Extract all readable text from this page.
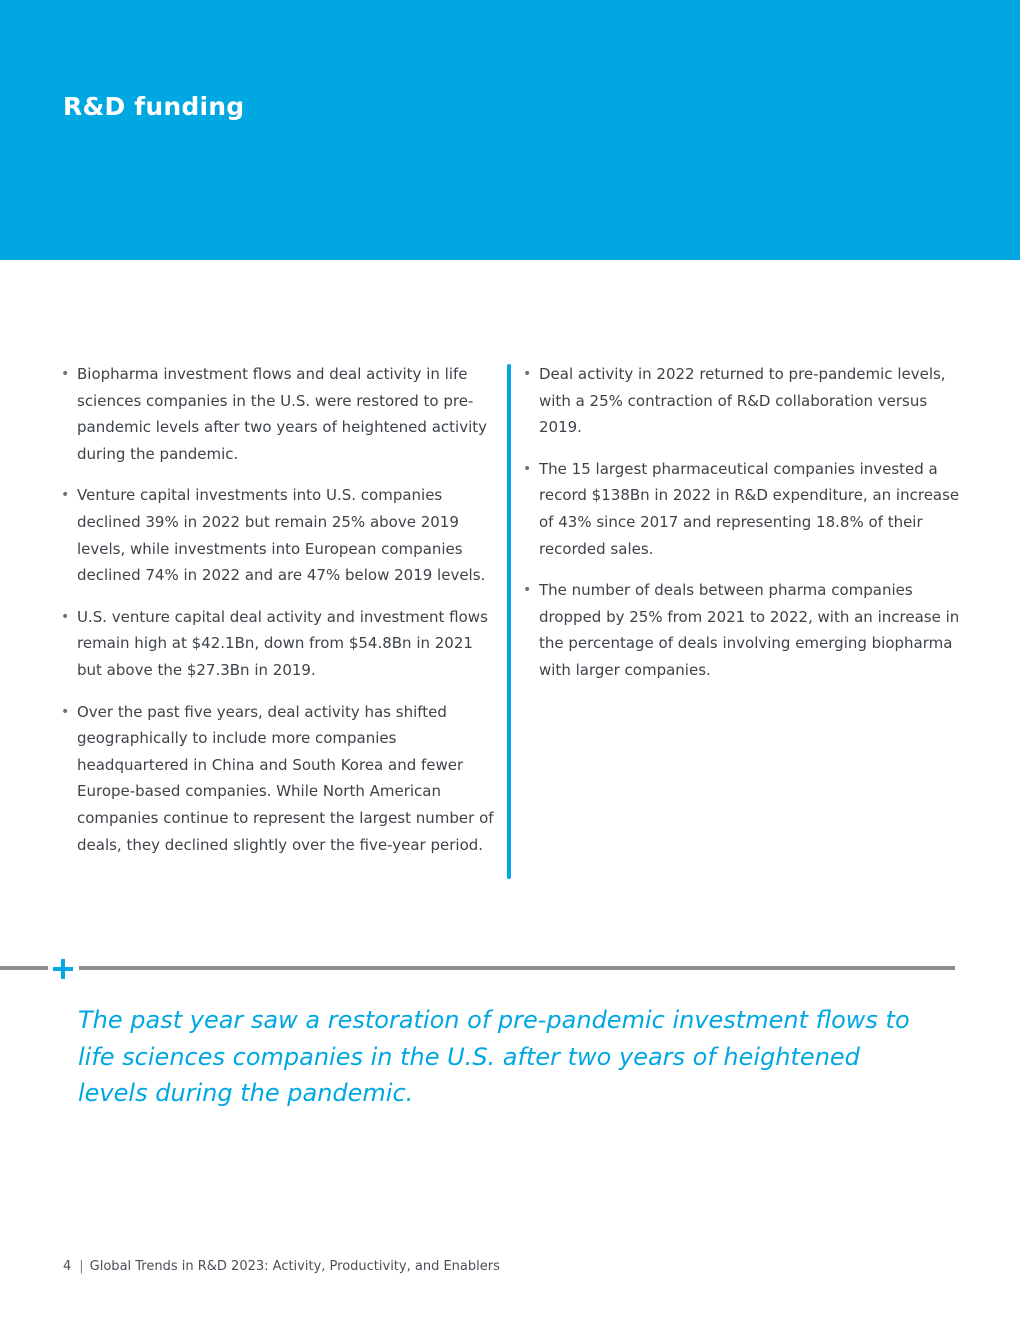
R&D funding
• Biopharma investment flows and deal activity in life sciences companies in the U.S. were restored to pre-pandemic levels after two years of heightened activity during the pandemic.
• Venture capital investments into U.S. companies declined 39% in 2022 but remain 25% above 2019 levels, while investments into European companies declined 74% in 2022 and are 47% below 2019 levels.
• U.S. venture capital deal activity and investment flows remain high at $42.1Bn, down from $54.8Bn in 2021 but above the $27.3Bn in 2019.
• Over the past five years, deal activity has shifted geographically to include more companies headquartered in China and South Korea and fewer Europe-based companies. While North American companies continue to represent the largest number of deals, they declined slightly over the five-year period.
• Deal activity in 2022 returned to pre-pandemic levels, with a 25% contraction of R&D collaboration versus 2019.
• The 15 largest pharmaceutical companies invested a record $138Bn in 2022 in R&D expenditure, an increase of 43% since 2017 and representing 18.8% of their recorded sales.
• The number of deals between pharma companies dropped by 25% from 2021 to 2022, with an increase in the percentage of deals involving emerging biopharma with larger companies.

The past year saw a restoration of pre-pandemic investment flows to life sciences companies in the U.S. after two years of heightened levels during the pandemic.

4 | Global Trends in R&D 2023: Activity, Productivity, and Enablers
